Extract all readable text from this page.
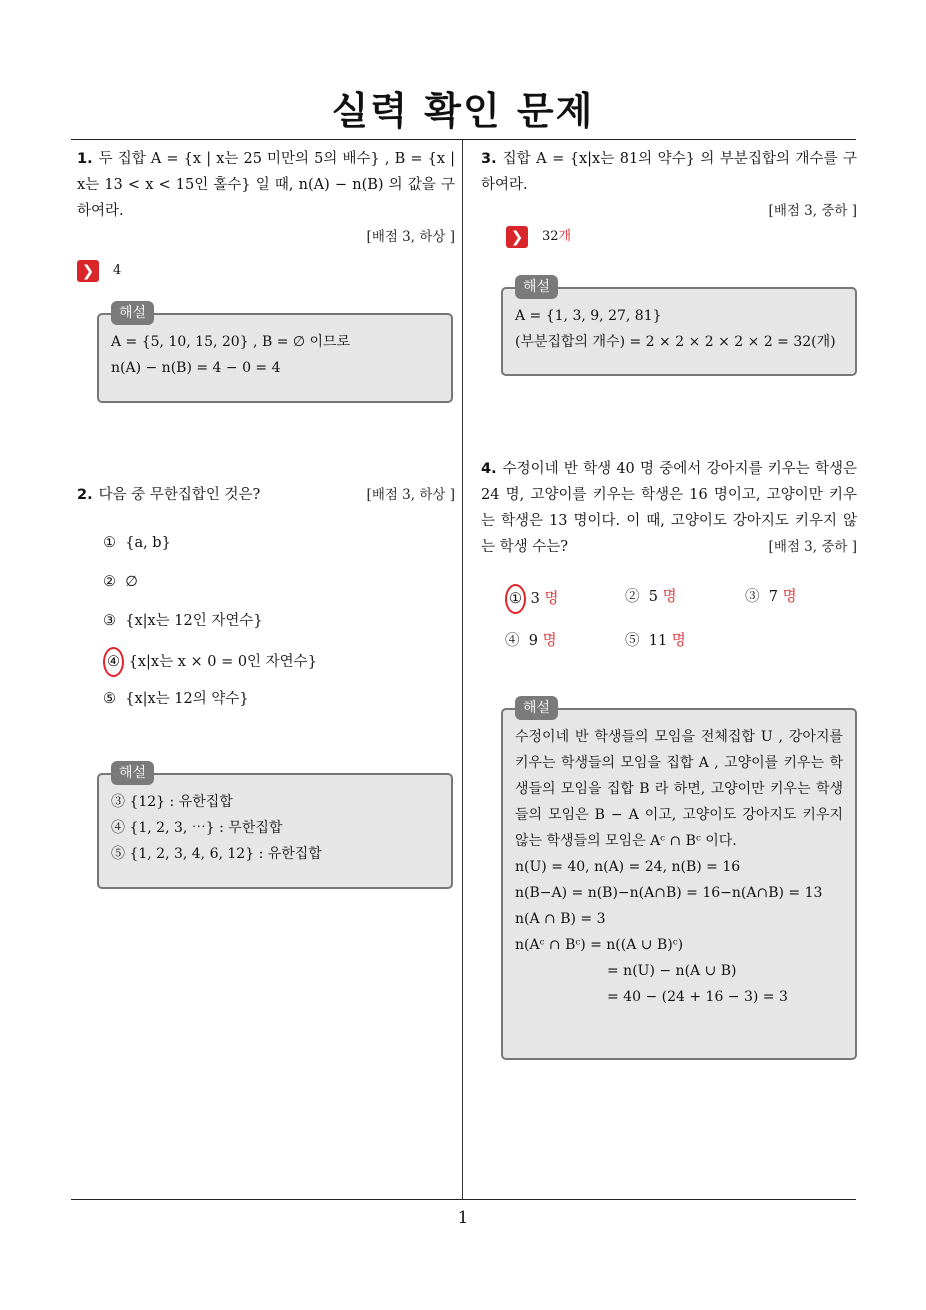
실력 확인 문제
1
1. 두 집합 A = {x | x는 25 미만의 5의 배수} , B = {x | x는 13 < x < 15인 홀수} 일 때, n(A) − n(B) 의 값을 구하여라.
[배점 3, 하상 ]
❯	4
해설
A = {5, 10, 15, 20} , B = ∅ 이므로
n(A) − n(B) = 4 − 0 = 4
[배점 3, 하상 ]
2. 다음 중 무한집합인 것은?
① {a, b}
② ∅
③ {x|x는 12인 자연수}
④ {x|x는 x × 0 = 0인 자연수}
⑤ {x|x는 12의 약수}
해설
③ {12} : 유한집합
④ {1, 2, 3, ⋯} : 무한집합
⑤ {1, 2, 3, 4, 6, 12} : 유한집합
3. 집합 A = {x|x는 81의 약수} 의 부분집합의 개수를 구하여라.
[배점 3, 중하 ]
❯	32 개
해설
A = {1, 3, 9, 27, 81}
(부분집합의 개수) = 2 × 2 × 2 × 2 × 2 = 32(개)
4. 수정이네 반 학생 40 명 중에서 강아지를 키우는 학생은 24 명, 고양이를 키우는 학생은 16 명이고, 고양이만 키우는 학생은 13 명이다. 이 때, 고양이도 강아지도 키우지 않는 학생 수는?	[배점 3, 중하 ]
① 3 명	② 5 명	③ 7 명
④ 9 명	⑤ 11 명
해설
수정이네 반 학생들의 모임을 전체집합 U , 강아지를 키우는 학생들의 모임을 집합 A , 고양이를 키우는 학생들의 모임을 집합 B 라 하면, 고양이만 키우는 학생들의 모임은 B − A 이고, 고양이도 강아지도 키우지 않는 학생들의 모임은 Aᶜ ∩ Bᶜ 이다.
n(U) = 40, n(A) = 24, n(B) = 16
n(B−A) = n(B)−n(A∩B) = 16−n(A∩B) = 13
n(A ∩ B) = 3
n(Aᶜ ∩ Bᶜ) = n((A ∪ B)ᶜ)
= n(U) − n(A ∪ B)
= 40 − (24 + 16 − 3) = 3
